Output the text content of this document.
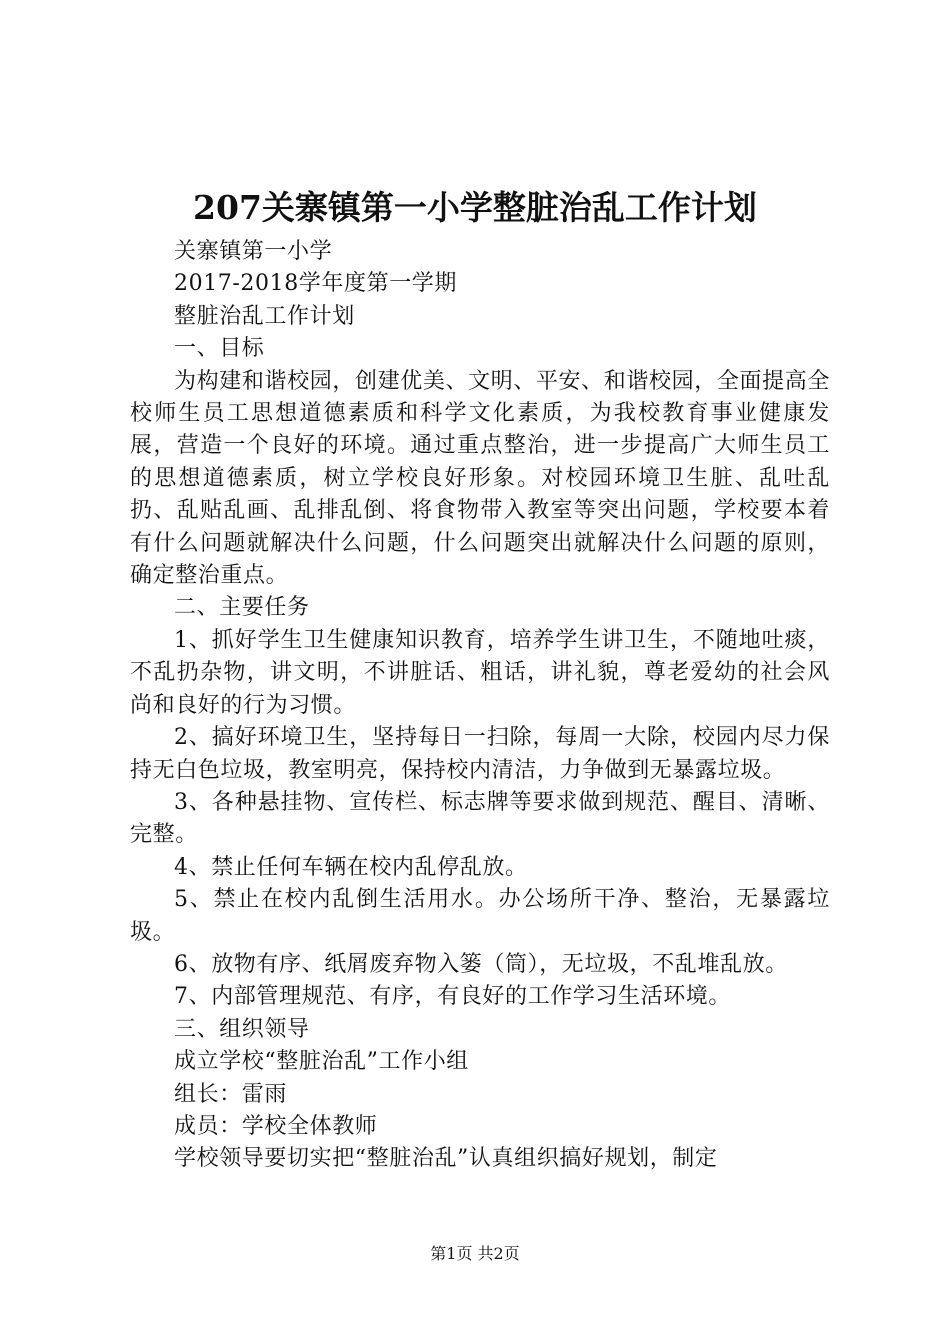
207关寨镇第一小学整脏治乱工作计划

关寨镇第一小学

2017-2018学年度第一学期

整脏治乱工作计划

一、目标

为构建和谐校园，创建优美、文明、平安、和谐校园，全面提高全校师生员工思想道德素质和科学文化素质，为我校教育事业健康发展，营造一个良好的环境。通过重点整治，进一步提高广大师生员工的思想道德素质，树立学校良好形象。对校园环境卫生脏、乱吐乱扔、乱贴乱画、乱排乱倒、将食物带入教室等突出问题，学校要本着有什么问题就解决什么问题，什么问题突出就解决什么问题的原则，确定整治重点。

二、主要任务

1、抓好学生卫生健康知识教育，培养学生讲卫生，不随地吐痰，不乱扔杂物，讲文明，不讲脏话、粗话，讲礼貌，尊老爱幼的社会风尚和良好的行为习惯。

2、搞好环境卫生，坚持每日一扫除，每周一大除，校园内尽力保持无白色垃圾，教室明亮，保持校内清洁，力争做到无暴露垃圾。

3、各种悬挂物、宣传栏、标志牌等要求做到规范、醒目、清晰、完整。

4、禁止任何车辆在校内乱停乱放。

5、禁止在校内乱倒生活用水。办公场所干净、整治，无暴露垃圾。

6、放物有序、纸屑废弃物入篓（筒），无垃圾，不乱堆乱放。

7、内部管理规范、有序，有良好的工作学习生活环境。

三、组织领导

成立学校“整脏治乱”工作小组

组长：雷雨

成员：学校全体教师

学校领导要切实把“整脏治乱”认真组织搞好规划，制定

第1页 共2页
